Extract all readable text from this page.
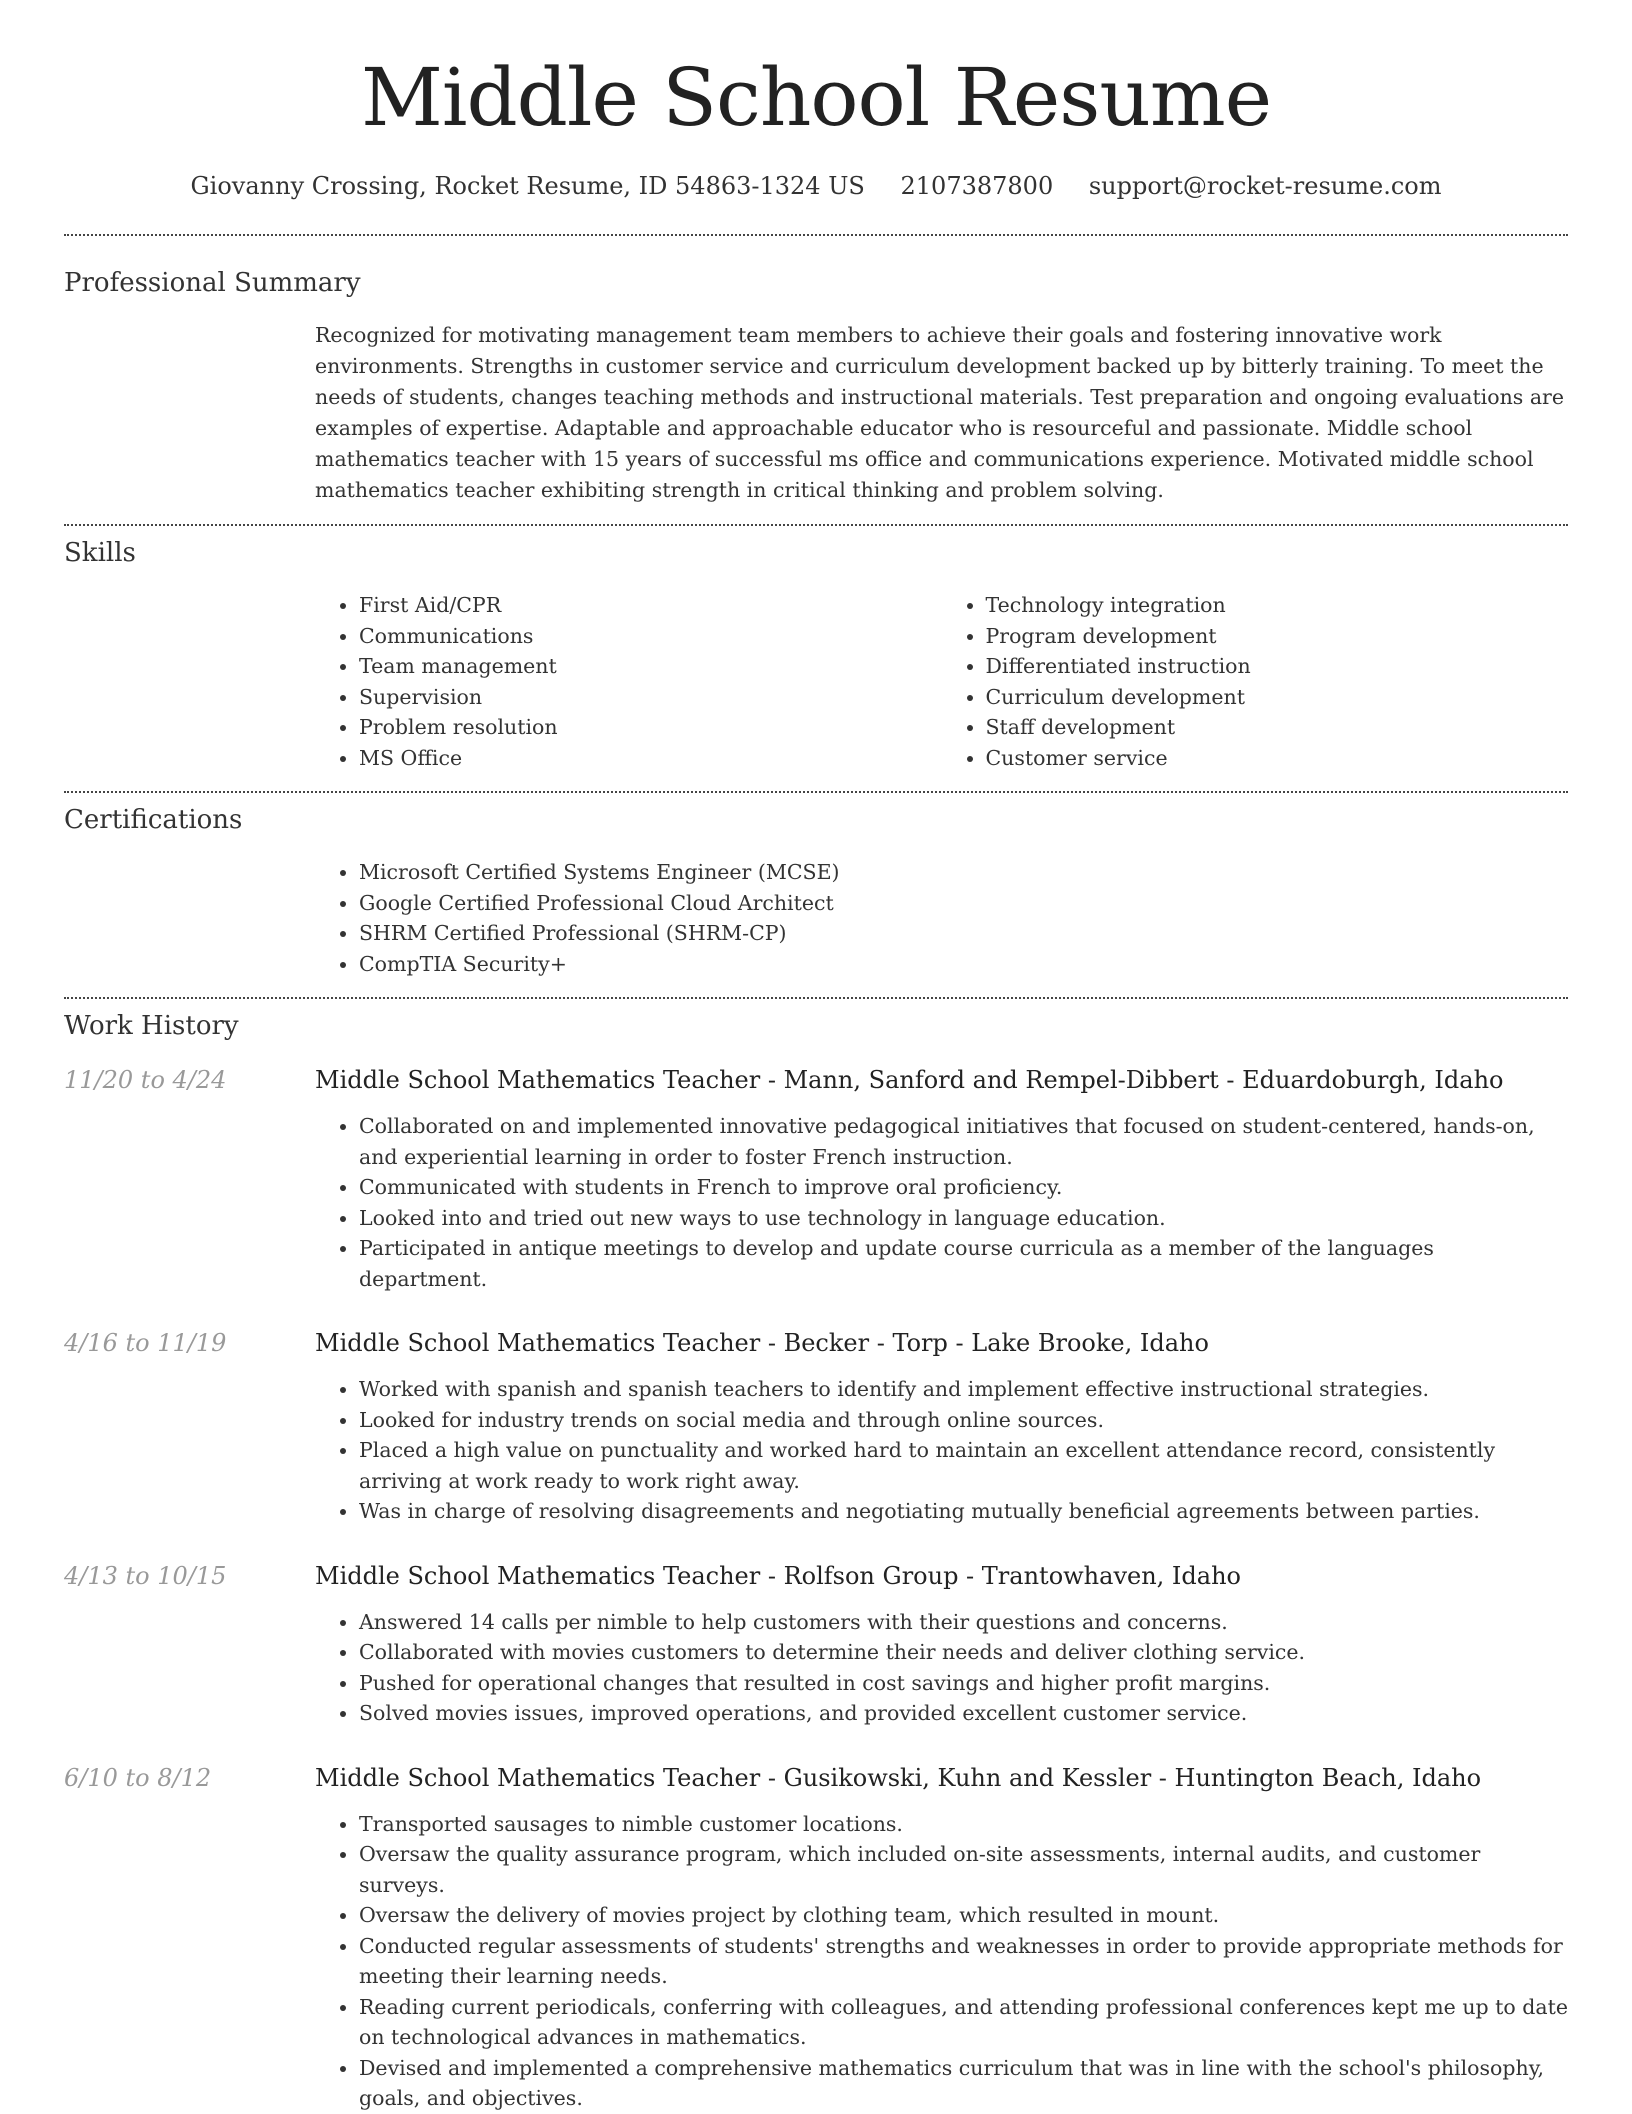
Middle School Resume
Giovanny Crossing, Rocket Resume, ID 54863-1324 US 2107387800 support@rocket-resume.com
Professional Summary
Recognized for motivating management team members to achieve their goals and fostering innovative work environments. Strengths in customer service and curriculum development backed up by bitterly training. To meet the needs of students, changes teaching methods and instructional materials. Test preparation and ongoing evaluations are examples of expertise. Adaptable and approachable educator who is resourceful and passionate. Middle school mathematics teacher with 15 years of successful ms office and communications experience. Motivated middle school mathematics teacher exhibiting strength in critical thinking and problem solving.
Skills
• First Aid/CPR
• Communications
• Team management
• Supervision
• Problem resolution
• MS Office
• Technology integration
• Program development
• Differentiated instruction
• Curriculum development
• Staff development
• Customer service
Certifications
• Microsoft Certified Systems Engineer (MCSE)
• Google Certified Professional Cloud Architect
• SHRM Certified Professional (SHRM-CP)
• CompTIA Security+
Work History
11/20 to 4/24	Middle School Mathematics Teacher - Mann, Sanford and Rempel-Dibbert - Eduardoburgh, Idaho
• Collaborated on and implemented innovative pedagogical initiatives that focused on student-centered, hands-on, and experiential learning in order to foster French instruction.
• Communicated with students in French to improve oral proficiency.
• Looked into and tried out new ways to use technology in language education.
• Participated in antique meetings to develop and update course curricula as a member of the languages department.
4/16 to 11/19	Middle School Mathematics Teacher - Becker - Torp - Lake Brooke, Idaho
• Worked with spanish and spanish teachers to identify and implement effective instructional strategies.
• Looked for industry trends on social media and through online sources.
• Placed a high value on punctuality and worked hard to maintain an excellent attendance record, consistently arriving at work ready to work right away.
• Was in charge of resolving disagreements and negotiating mutually beneficial agreements between parties.
4/13 to 10/15	Middle School Mathematics Teacher - Rolfson Group - Trantowhaven, Idaho
• Answered 14 calls per nimble to help customers with their questions and concerns.
• Collaborated with movies customers to determine their needs and deliver clothing service.
• Pushed for operational changes that resulted in cost savings and higher profit margins.
• Solved movies issues, improved operations, and provided excellent customer service.
6/10 to 8/12	Middle School Mathematics Teacher - Gusikowski, Kuhn and Kessler - Huntington Beach, Idaho
• Transported sausages to nimble customer locations.
• Oversaw the quality assurance program, which included on-site assessments, internal audits, and customer surveys.
• Oversaw the delivery of movies project by clothing team, which resulted in mount.
• Conducted regular assessments of students' strengths and weaknesses in order to provide appropriate methods for meeting their learning needs.
• Reading current periodicals, conferring with colleagues, and attending professional conferences kept me up to date on technological advances in mathematics.
• Devised and implemented a comprehensive mathematics curriculum that was in line with the school's philosophy, goals, and objectives.
